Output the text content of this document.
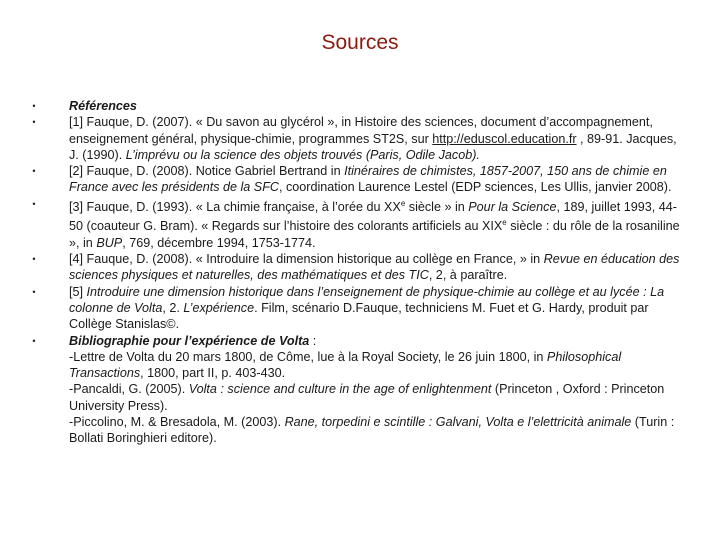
Sources
•	Références
•	[1] Fauque, D. (2007). « Du savon au glycérol », in Histoire des sciences, document d’accompagnement, enseignement général, physique-chimie, programmes ST2S, sur http://eduscol.education.fr , 89-91. Jacques, J. (1990). L’imprévu ou la science des objets trouvés (Paris, Odile Jacob).
•	[2] Fauque, D. (2008). Notice Gabriel Bertrand in Itinéraires de chimistes, 1857-2007, 150 ans de chimie en France avec les présidents de la SFC, coordination Laurence Lestel (EDP sciences, Les Ullis, janvier 2008).
•	[3] Fauque, D. (1993). « La chimie française, à l’orée du XXe siècle » in Pour la Science, 189, juillet 1993, 44-50 (coauteur G. Bram). « Regards sur l’histoire des colorants artificiels au XIXe siècle : du rôle de la rosaniline », in BUP, 769, décembre 1994, 1753-1774.
•	[4] Fauque, D. (2008). « Introduire la dimension historique au collège en France, » in Revue en éducation des sciences physiques et naturelles, des mathématiques et des TIC, 2, à paraître.
•	[5] Introduire une dimension historique dans l’enseignement de physique-chimie au collège et au lycée : La colonne de Volta, 2. L’expérience. Film, scénario D.Fauque, techniciens M. Fuet et G. Hardy, produit par Collège Stanislas©.
•	Bibliographie pour l’expérience de Volta :
-Lettre de Volta du 20 mars 1800, de Côme, lue à la Royal Society, le 26 juin 1800, in Philosophical Transactions, 1800, part II, p. 403-430.
-Pancaldi, G. (2005). Volta : science and culture in the age of enlightenment (Princeton , Oxford : Princeton University Press).
-Piccolino, M. & Bresadola, M. (2003). Rane, torpedini e scintille : Galvani, Volta e l’elettricità animale (Turin : Bollati Boringhieri editore).
